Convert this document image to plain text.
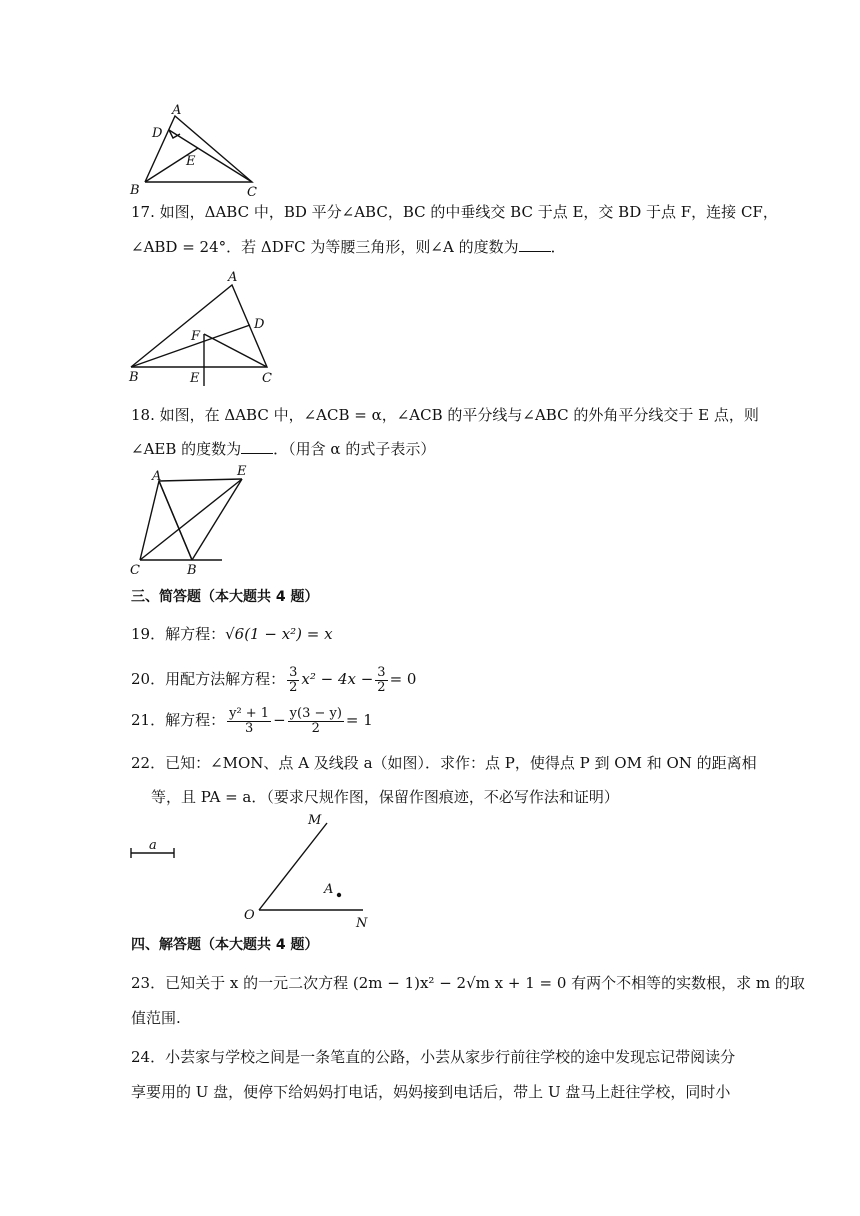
A
D
E
B	C
17. 如图，ΔABC 中，BD 平分∠ABC，BC 的中垂线交 BC 于点 E，交 BD 于点 F，连接 CF，
∠ABD = 24°．若 ΔDFC 为等腰三角形，则∠A 的度数为 ．
A
D
F
B	E	C
18. 如图，在 ΔABC 中，∠ACB = α，∠ACB 的平分线与∠ABC 的外角平分线交于 E 点，则
∠AEB 的度数为 ．（用含 α 的式子表示）
A	E
C	B
三、简答题（本大题共 4 题）
19．解方程：√6(1 − x²) = x
20．用配方法解方程： $\frac{3}{2} x^2 - 4x - \frac{3}{2} = 0$
21．解方程： $\frac{\text{y² + 1}}{3} - \frac{y(3 - y)}{2} = 1$
22．已知：∠MON、点 A 及线段 a（如图）．求作：点 P，使得点 P 到 OM 和 ON 的距离相
等，且 PA = a．（要求尺规作图，保留作图痕迹，不必写作法和证明）
a
M
A
O
N
四、解答题（本大题共 4 题）
23．已知关于 x 的一元二次方程 (2m − 1)x² − 2√m x + 1 = 0 有两个不相等的实数根，求 m 的取
值范围.
24．小芸家与学校之间是一条笔直的公路，小芸从家步行前往学校的途中发现忘记带阅读分
享要用的 U 盘，便停下给妈妈打电话，妈妈接到电话后，带上 U 盘马上赶往学校，同时小
